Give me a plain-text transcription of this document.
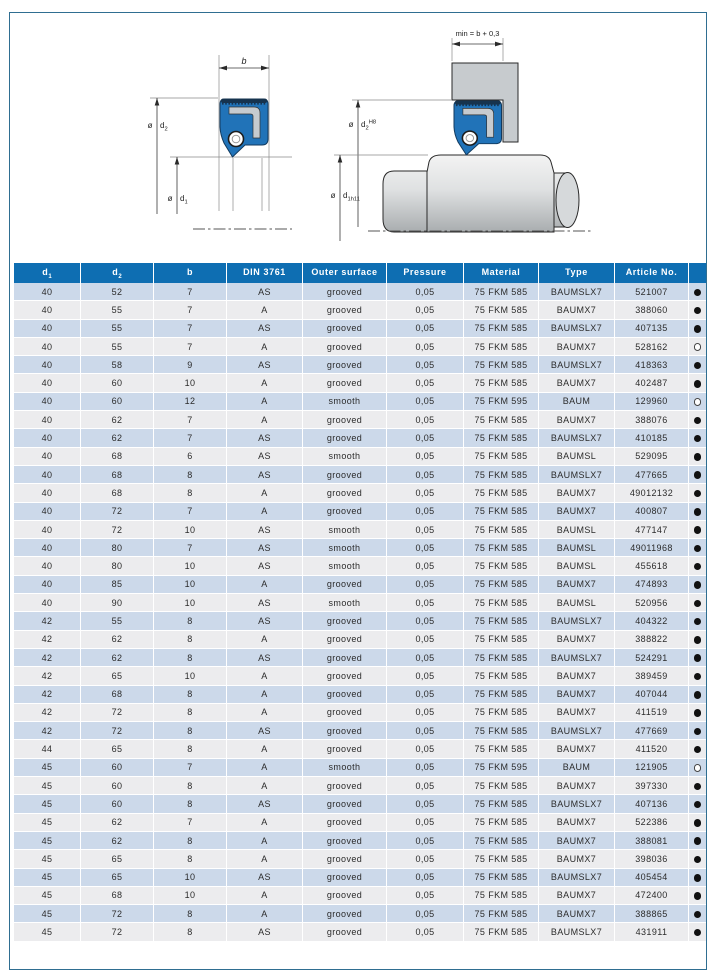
b
ø $d_2$
ø $d_1$
min = b + 0,3
ø $d_2^{H8}$
ø $d_1h11$
$d_1$	$d_2$	b	DIN 3761	Outer surface	Pressure	Material	Type	Article No.	
40	52	7	AS	grooved	0,05	75 FKM 585	BAUMSLX7	521007	
40	55	7	A	grooved	0,05	75 FKM 585	BAUMX7	388060	
40	55	7	AS	grooved	0,05	75 FKM 585	BAUMSLX7	407135	
40	55	7	A	grooved	0,05	75 FKM 585	BAUMX7	528162	
40	58	9	AS	grooved	0,05	75 FKM 585	BAUMSLX7	418363	
40	60	10	A	grooved	0,05	75 FKM 585	BAUMX7	402487	
40	60	12	A	smooth	0,05	75 FKM 595	BAUM	129960	
40	62	7	A	grooved	0,05	75 FKM 585	BAUMX7	388076	
40	62	7	AS	grooved	0,05	75 FKM 585	BAUMSLX7	410185	
40	68	6	AS	smooth	0,05	75 FKM 585	BAUMSL	529095	
40	68	8	AS	grooved	0,05	75 FKM 585	BAUMSLX7	477665	
40	68	8	A	grooved	0,05	75 FKM 585	BAUMX7	49012132	
40	72	7	A	grooved	0,05	75 FKM 585	BAUMX7	400807	
40	72	10	AS	smooth	0,05	75 FKM 585	BAUMSL	477147	
40	80	7	AS	smooth	0,05	75 FKM 585	BAUMSL	49011968	
40	80	10	AS	smooth	0,05	75 FKM 585	BAUMSL	455618	
40	85	10	A	grooved	0,05	75 FKM 585	BAUMX7	474893	
40	90	10	AS	smooth	0,05	75 FKM 585	BAUMSL	520956	
42	55	8	AS	grooved	0,05	75 FKM 585	BAUMSLX7	404322	
42	62	8	A	grooved	0,05	75 FKM 585	BAUMX7	388822	
42	62	8	AS	grooved	0,05	75 FKM 585	BAUMSLX7	524291	
42	65	10	A	grooved	0,05	75 FKM 585	BAUMX7	389459	
42	68	8	A	grooved	0,05	75 FKM 585	BAUMX7	407044	
42	72	8	A	grooved	0,05	75 FKM 585	BAUMX7	411519	
42	72	8	AS	grooved	0,05	75 FKM 585	BAUMSLX7	477669	
44	65	8	A	grooved	0,05	75 FKM 585	BAUMX7	411520	
45	60	7	A	smooth	0,05	75 FKM 595	BAUM	121905	
45	60	8	A	grooved	0,05	75 FKM 585	BAUMX7	397330	
45	60	8	AS	grooved	0,05	75 FKM 585	BAUMSLX7	407136	
45	62	7	A	grooved	0,05	75 FKM 585	BAUMX7	522386	
45	62	8	A	grooved	0,05	75 FKM 585	BAUMX7	388081	
45	65	8	A	grooved	0,05	75 FKM 585	BAUMX7	398036	
45	65	10	AS	grooved	0,05	75 FKM 585	BAUMSLX7	405454	
45	68	10	A	grooved	0,05	75 FKM 585	BAUMX7	472400	
45	72	8	A	grooved	0,05	75 FKM 585	BAUMX7	388865	
45	72	8	AS	grooved	0,05	75 FKM 585	BAUMSLX7	431911	
